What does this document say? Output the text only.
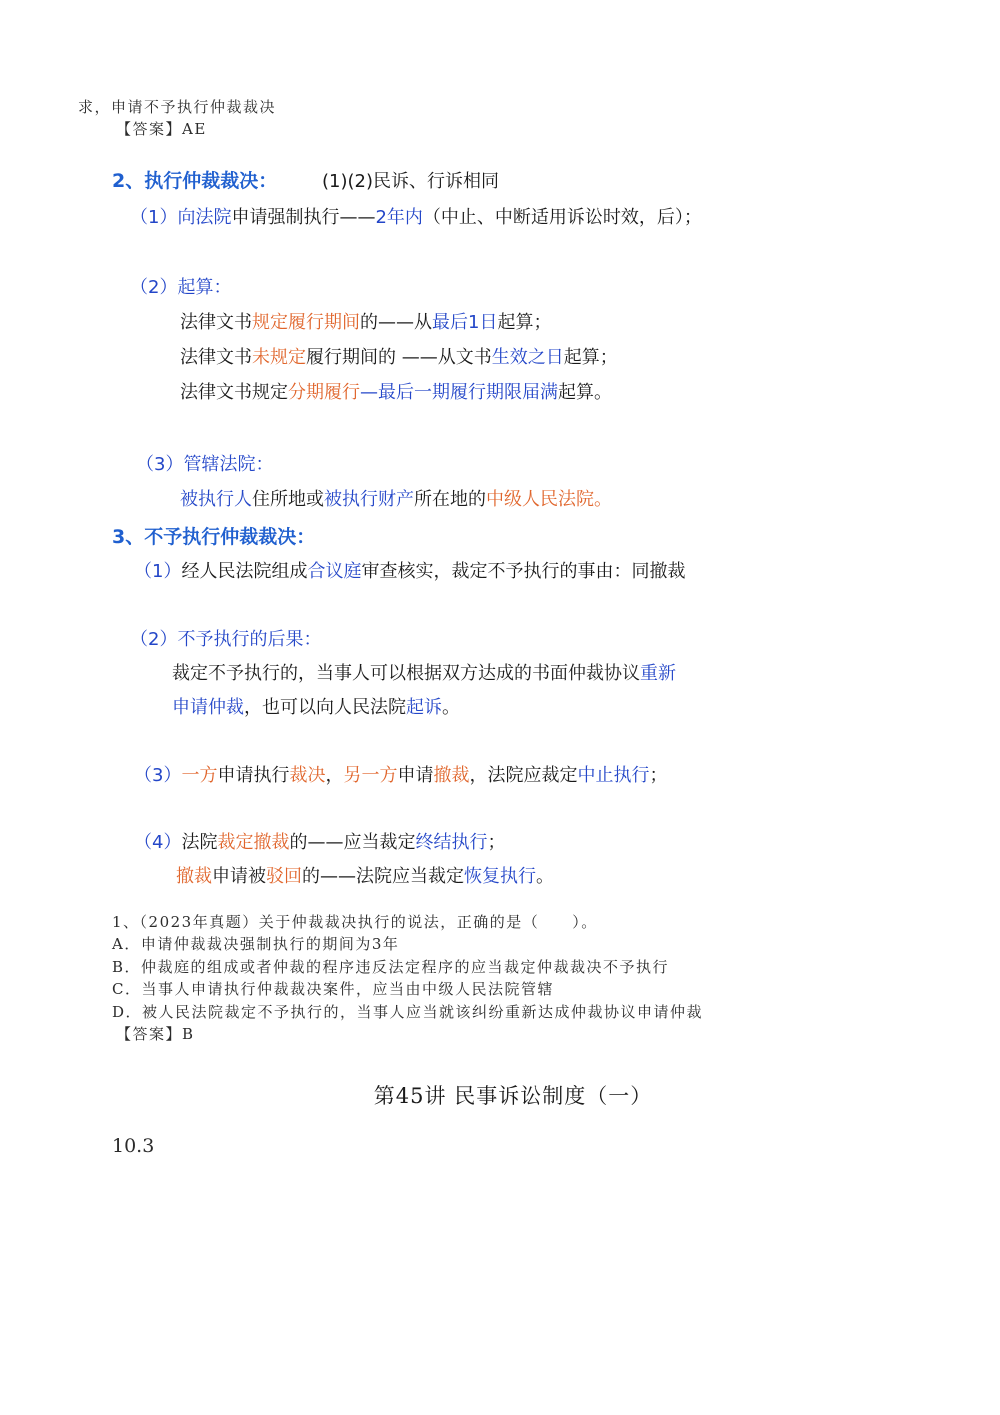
求，申请不予执行仲裁裁决
【答案】AE
2、执行仲裁裁决： (1)(2)民诉、行诉相同
（1）向法院申请强制执行——2年内（中止、中断适用诉讼时效，后）；
（2）起算：
法律文书规定履行期间的——从最后1日起算；
法律文书未规定履行期间的 ——从文书生效之日起算；
法律文书规定分期履行—最后一期履行期限届满起算。
（3）管辖法院：
被执行人住所地或被执行财产所在地的中级人民法院。
3、不予执行仲裁裁决：
（1）经人民法院组成合议庭审查核实，裁定不予执行的事由：同撤裁
（2）不予执行的后果：
裁定不予执行的，当事人可以根据双方达成的书面仲裁协议重新
申请仲裁，也可以向人民法院起诉。
（3）一方申请执行裁决，另一方申请撤裁，法院应裁定中止执行；
（4）法院裁定撤裁的——应当裁定终结执行；
撤裁申请被驳回的——法院应当裁定恢复执行。
1、（2023年真题）关于仲裁裁决执行的说法，正确的是（　　）。
A．申请仲裁裁决强制执行的期间为3年
B．仲裁庭的组成或者仲裁的程序违反法定程序的应当裁定仲裁裁决不予执行
C．当事人申请执行仲裁裁决案件，应当由中级人民法院管辖
D．被人民法院裁定不予执行的，当事人应当就该纠纷重新达成仲裁协议申请仲裁
【答案】B
第45讲 民事诉讼制度（一）
10.3
